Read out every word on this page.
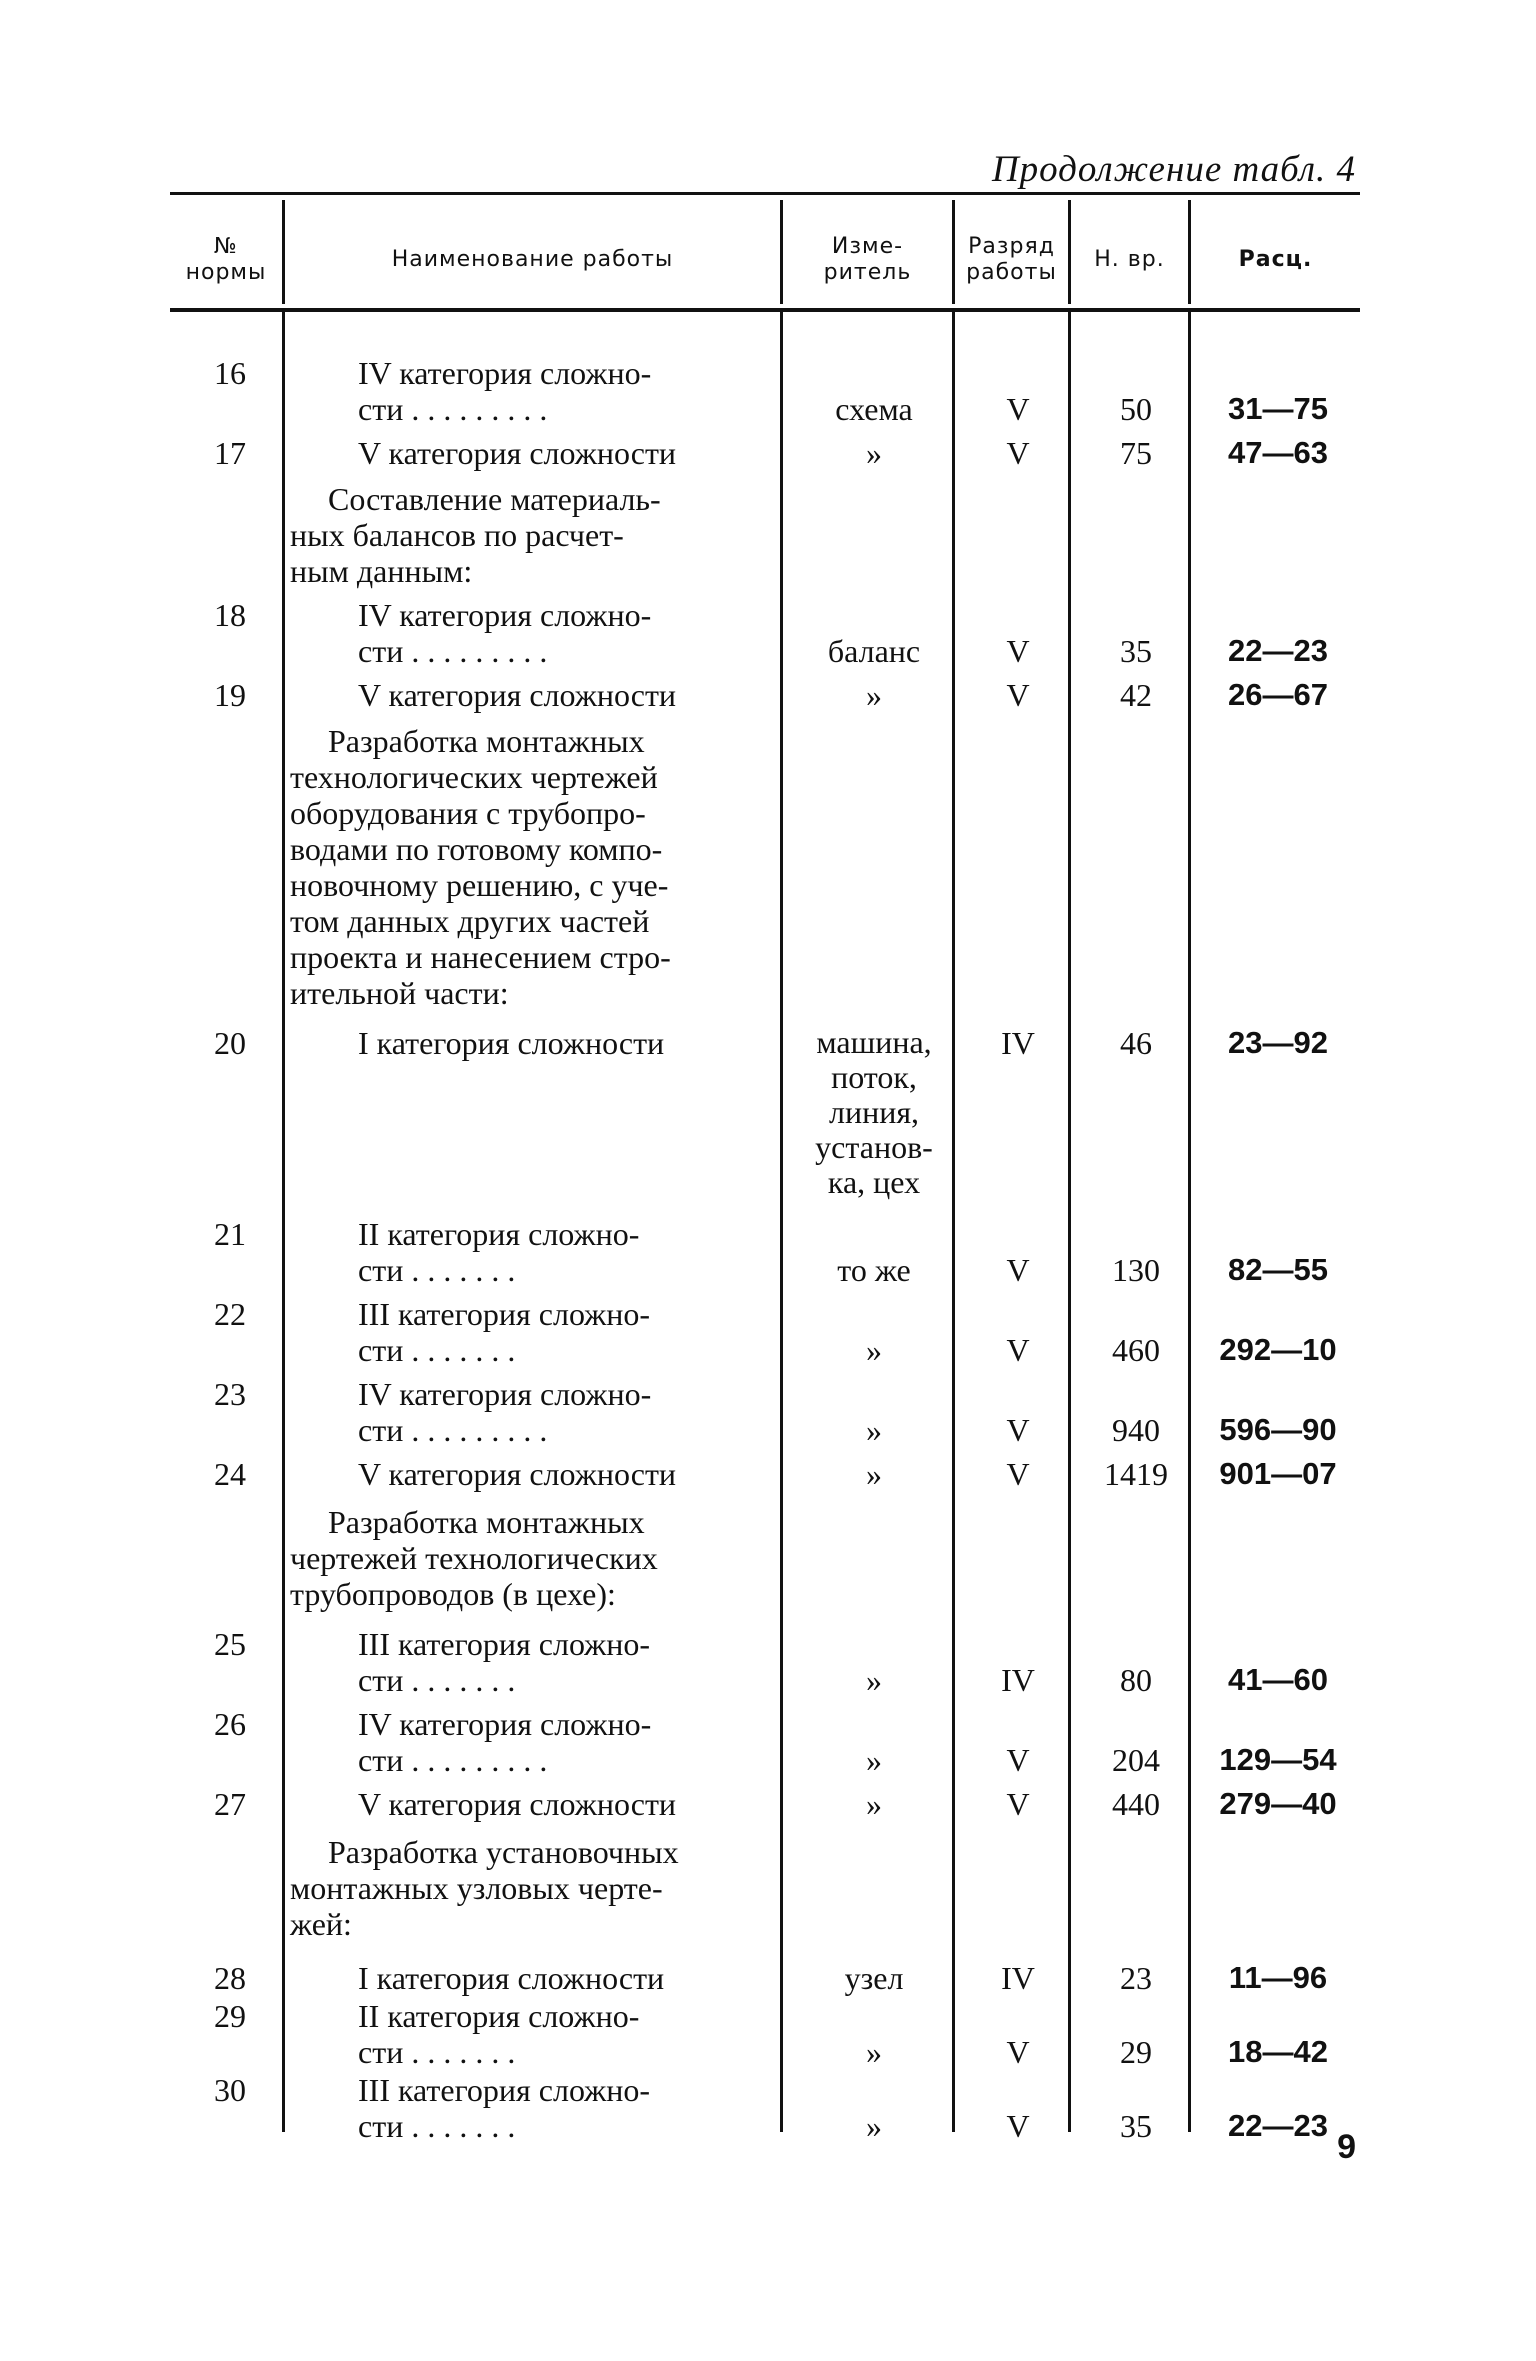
Продолжение табл. 4
№
нормы
Наименование работы
Изме-
ритель
Разряд
работы
Н. вр.	Расц.
16	IV категория сложно-
сти . . . . . . . . .	схема	V	50	31—75
17	V категория сложности	»	V	75	47—63
Составление материаль-
ных балансов по расчет-
ным данным:
18	IV категория сложно-
сти . . . . . . . . .	баланс	V	35	22—23
19	V категория сложности	»	V	42	26—67
Разработка монтажных
технологических чертежей
оборудования с трубопро-
водами по готовому компо-
новочному решению, с уче-
том данных других частей
проекта и нанесением стро-
ительной части:
20	I категория сложности	машина,
поток,
линия,
установ-
ка, цех
IV	46	23—92
21	II категория сложно-
сти . . . . . . .	то же	V	130	82—55
22	III категория сложно-
сти . . . . . . .	»	V	460	292—10
23	IV категория сложно-
сти . . . . . . . . .	»	V	940	596—90
24	V категория сложности	»	V	1419	901—07
Разработка монтажных
чертежей технологических
трубопроводов (в цехе):
25	III категория сложно-
сти . . . . . . .	»	IV	80	41—60
26	IV категория сложно-
сти . . . . . . . . .	»	V	204	129—54
27	V категория сложности	»	V	440	279—40
Разработка установочных
монтажных узловых черте-
жей:
28	I категория сложности	узел	IV	23	11—96
29	II категория сложно-
сти . . . . . . .	»	V	29	18—42
30	III категория сложно-
сти . . . . . . .	»	V	35	22—23
9
